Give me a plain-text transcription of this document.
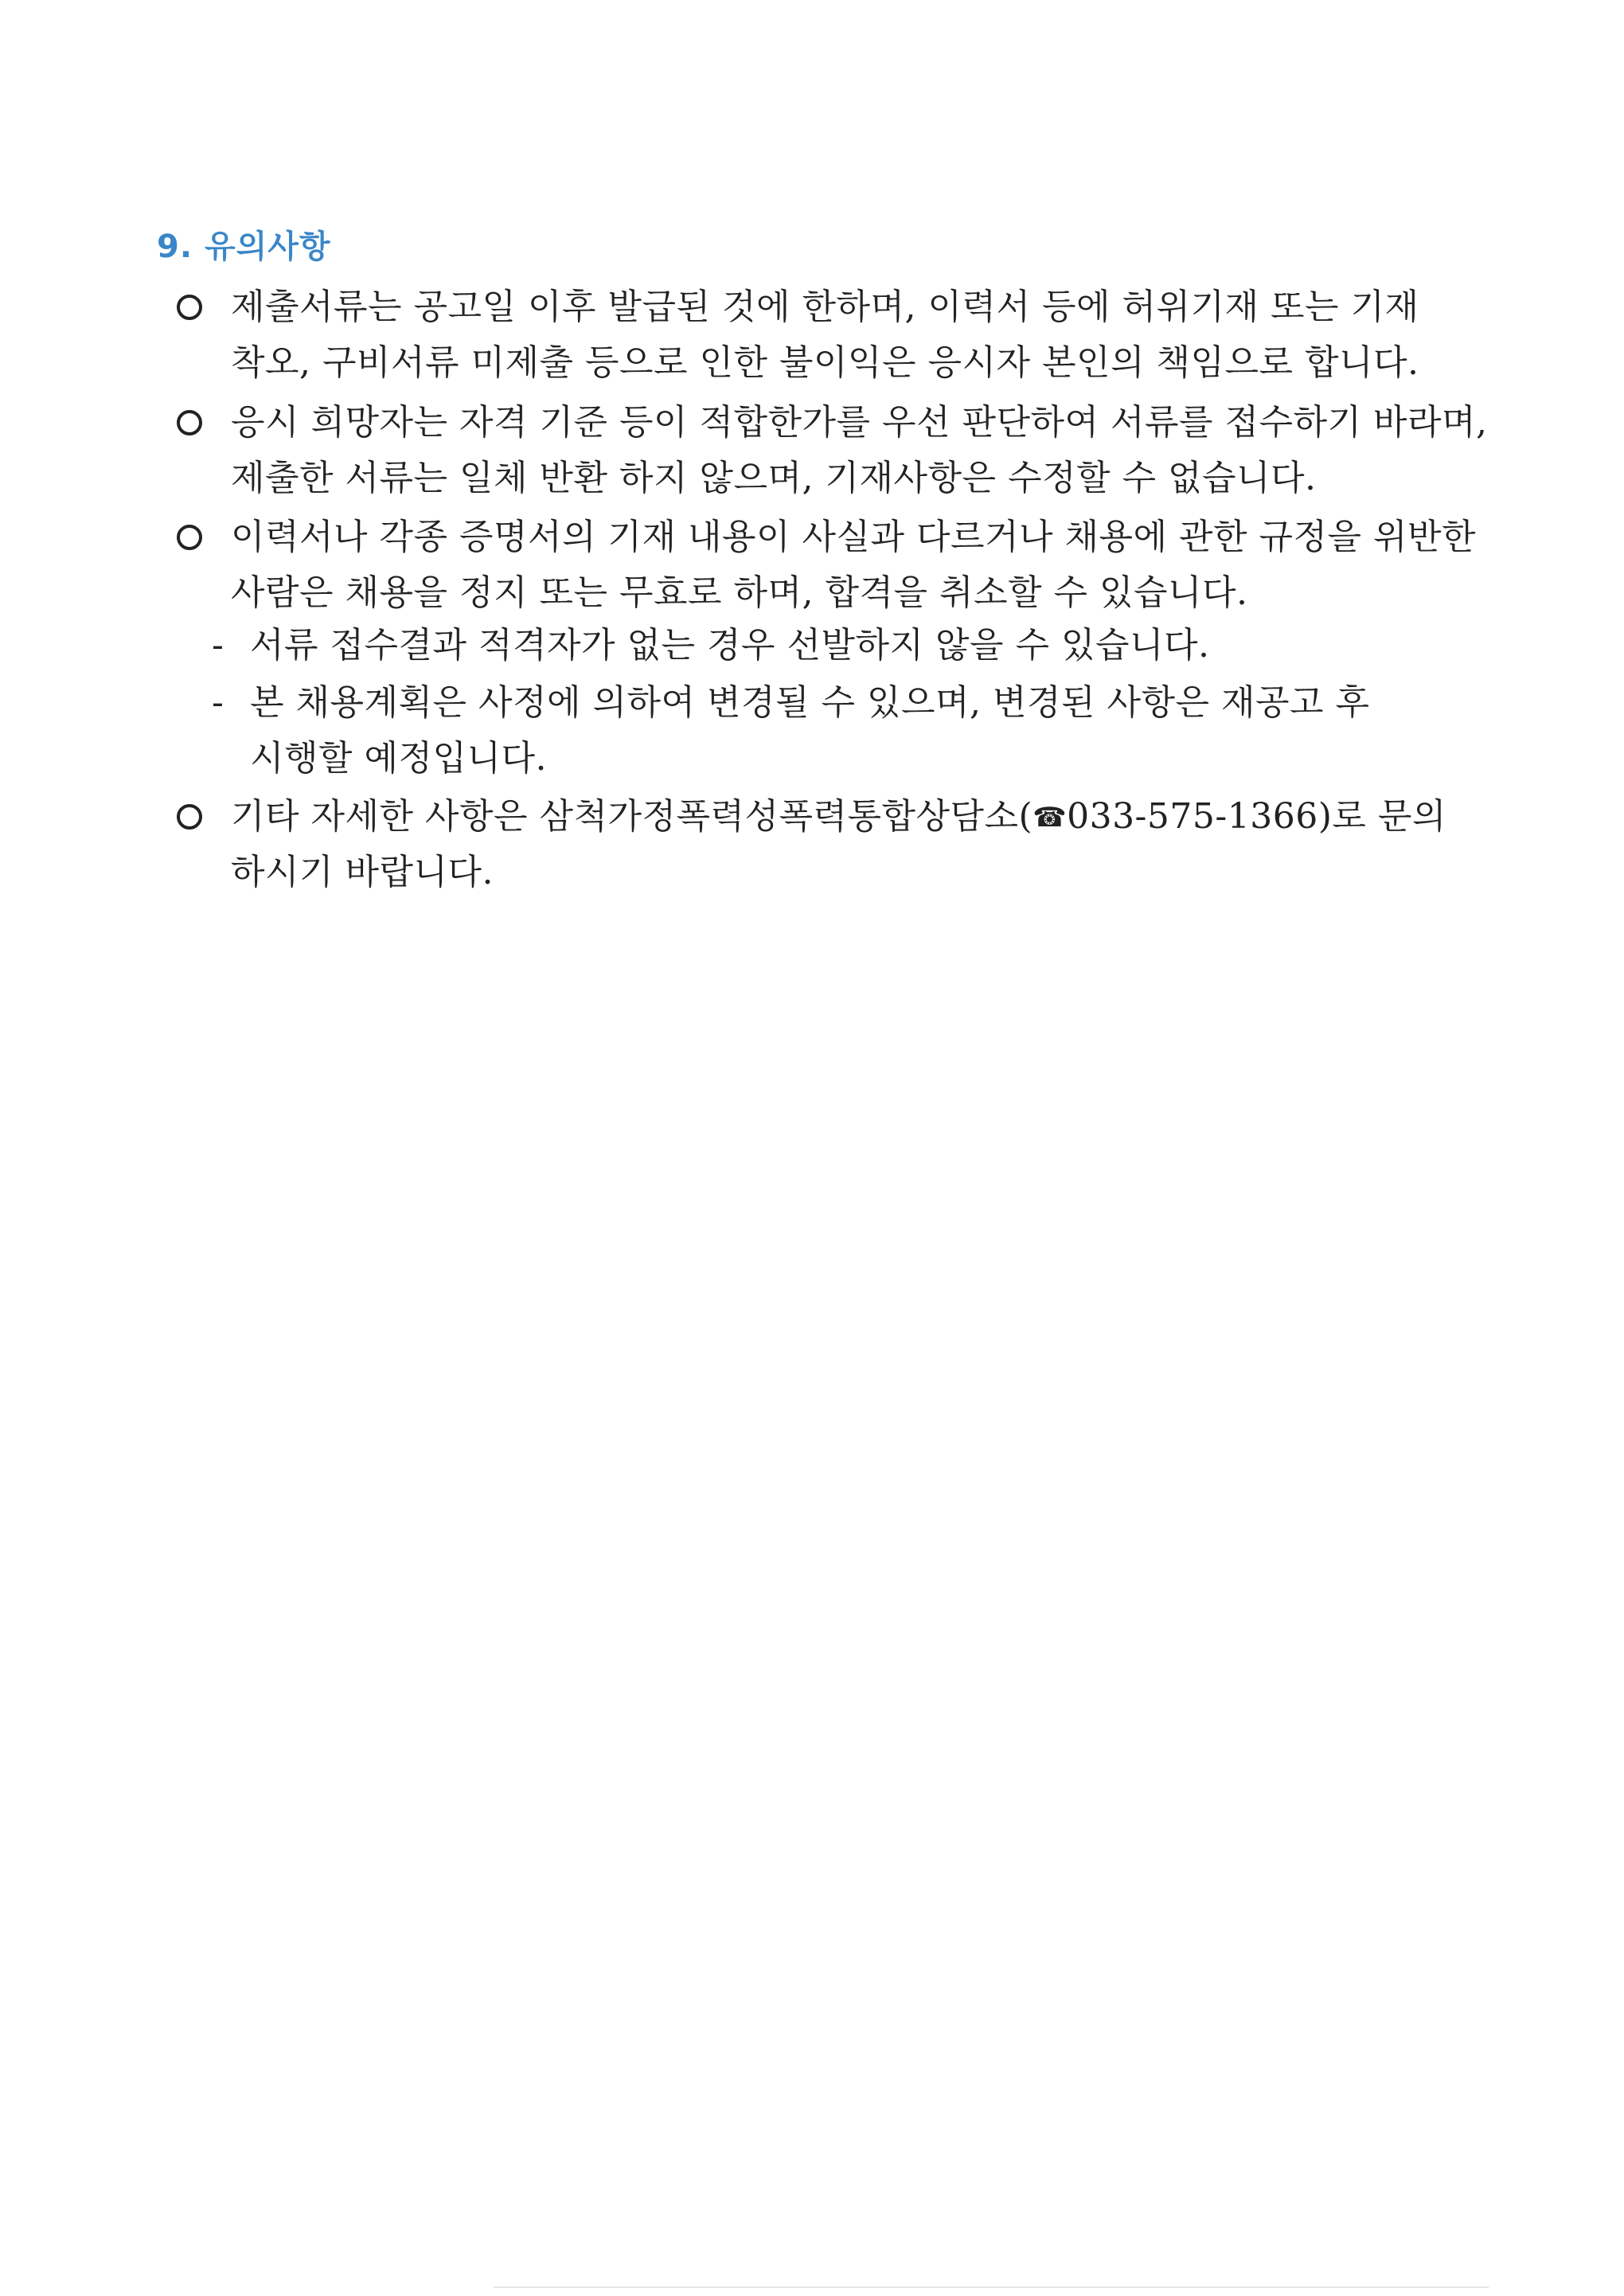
9. 유의사항
제출서류는 공고일 이후 발급된 것에 한하며, 이력서 등에 허위기재 또는 기재
착오, 구비서류 미제출 등으로 인한 불이익은 응시자 본인의 책임으로 합니다.
응시 희망자는 자격 기준 등이 적합한가를 우선 판단하여 서류를 접수하기 바라며,
제출한 서류는 일체 반환 하지 않으며, 기재사항은 수정할 수 없습니다.
이력서나 각종 증명서의 기재 내용이 사실과 다르거나 채용에 관한 규정을 위반한
사람은 채용을 정지 또는 무효로 하며, 합격을 취소할 수 있습니다.
- 서류 접수결과 적격자가 없는 경우 선발하지 않을 수 있습니다.
- 본 채용계획은 사정에 의하여 변경될 수 있으며, 변경된 사항은 재공고 후
시행할 예정입니다.
기타 자세한 사항은 삼척가정폭력성폭력통합상담소(☎033-575-1366)로 문의
하시기 바랍니다.
